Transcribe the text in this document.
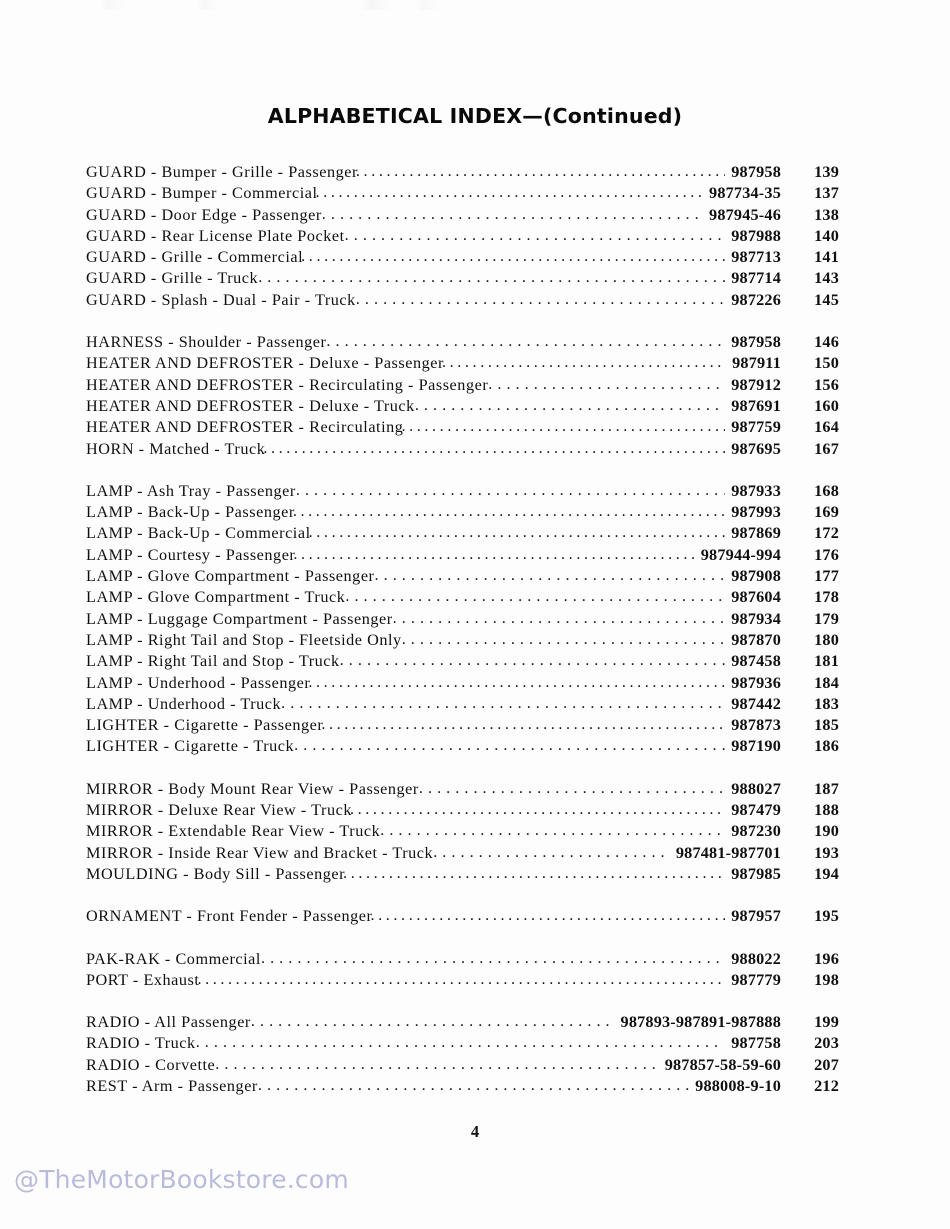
ALPHABETICAL INDEX—(Continued)
GUARD - Bumper - Grille - Passenger .....	987958	139
GUARD - Bumper - Commercial .....	987734-35	137
GUARD - Door Edge - Passenger . . .	987945-46	138
GUARD - Rear License Plate Pocket . . .	987988	140
GUARD - Grille - Commercial .....	987713	141
GUARD - Grille - Truck . . .	987714	143
GUARD - Splash - Dual - Pair - Truck . . .	987226	145
HARNESS - Shoulder - Passenger . . .	987958	146
HEATER AND DEFROSTER - Deluxe - Passenger .....	987911	150
HEATER AND DEFROSTER - Recirculating - Passenger . . .	987912	156
HEATER AND DEFROSTER - Deluxe - Truck . . .	987691	160
HEATER AND DEFROSTER - Recirculating .....	987759	164
HORN - Matched - Truck .....	987695	167
LAMP - Ash Tray - Passenger . . .	987933	168
LAMP - Back-Up - Passenger .....	987993	169
LAMP - Back-Up - Commercial .....	987869	172
LAMP - Courtesy - Passenger .....	987944-994	176
LAMP - Glove Compartment - Passenger . . .	987908	177
LAMP - Glove Compartment - Truck . . .	987604	178
LAMP - Luggage Compartment - Passenger . . .	987934	179
LAMP - Right Tail and Stop - Fleetside Only . . .	987870	180
LAMP - Right Tail and Stop - Truck . . .	987458	181
LAMP - Underhood - Passenger .....	987936	184
LAMP - Underhood - Truck . . .	987442	183
LIGHTER - Cigarette - Passenger .....	987873	185
LIGHTER - Cigarette - Truck . . .	987190	186
MIRROR - Body Mount Rear View - Passenger . . .	988027	187
MIRROR - Deluxe Rear View - Truck .....	987479	188
MIRROR - Extendable Rear View - Truck . . .	987230	190
MIRROR - Inside Rear View and Bracket - Truck . . .	987481-987701	193
MOULDING - Body Sill - Passenger .....	987985	194
ORNAMENT - Front Fender - Passenger .....	987957	195
PAK-RAK - Commercial . . .	988022	196
PORT - Exhaust .....	987779	198
RADIO - All Passenger . . .	987893-987891-987888	199
RADIO - Truck . . .	987758	203
RADIO - Corvette . . .	987857-58-59-60	207
REST - Arm - Passenger . . .	988008-9-10	212
4
@TheMotorBookstore.com
